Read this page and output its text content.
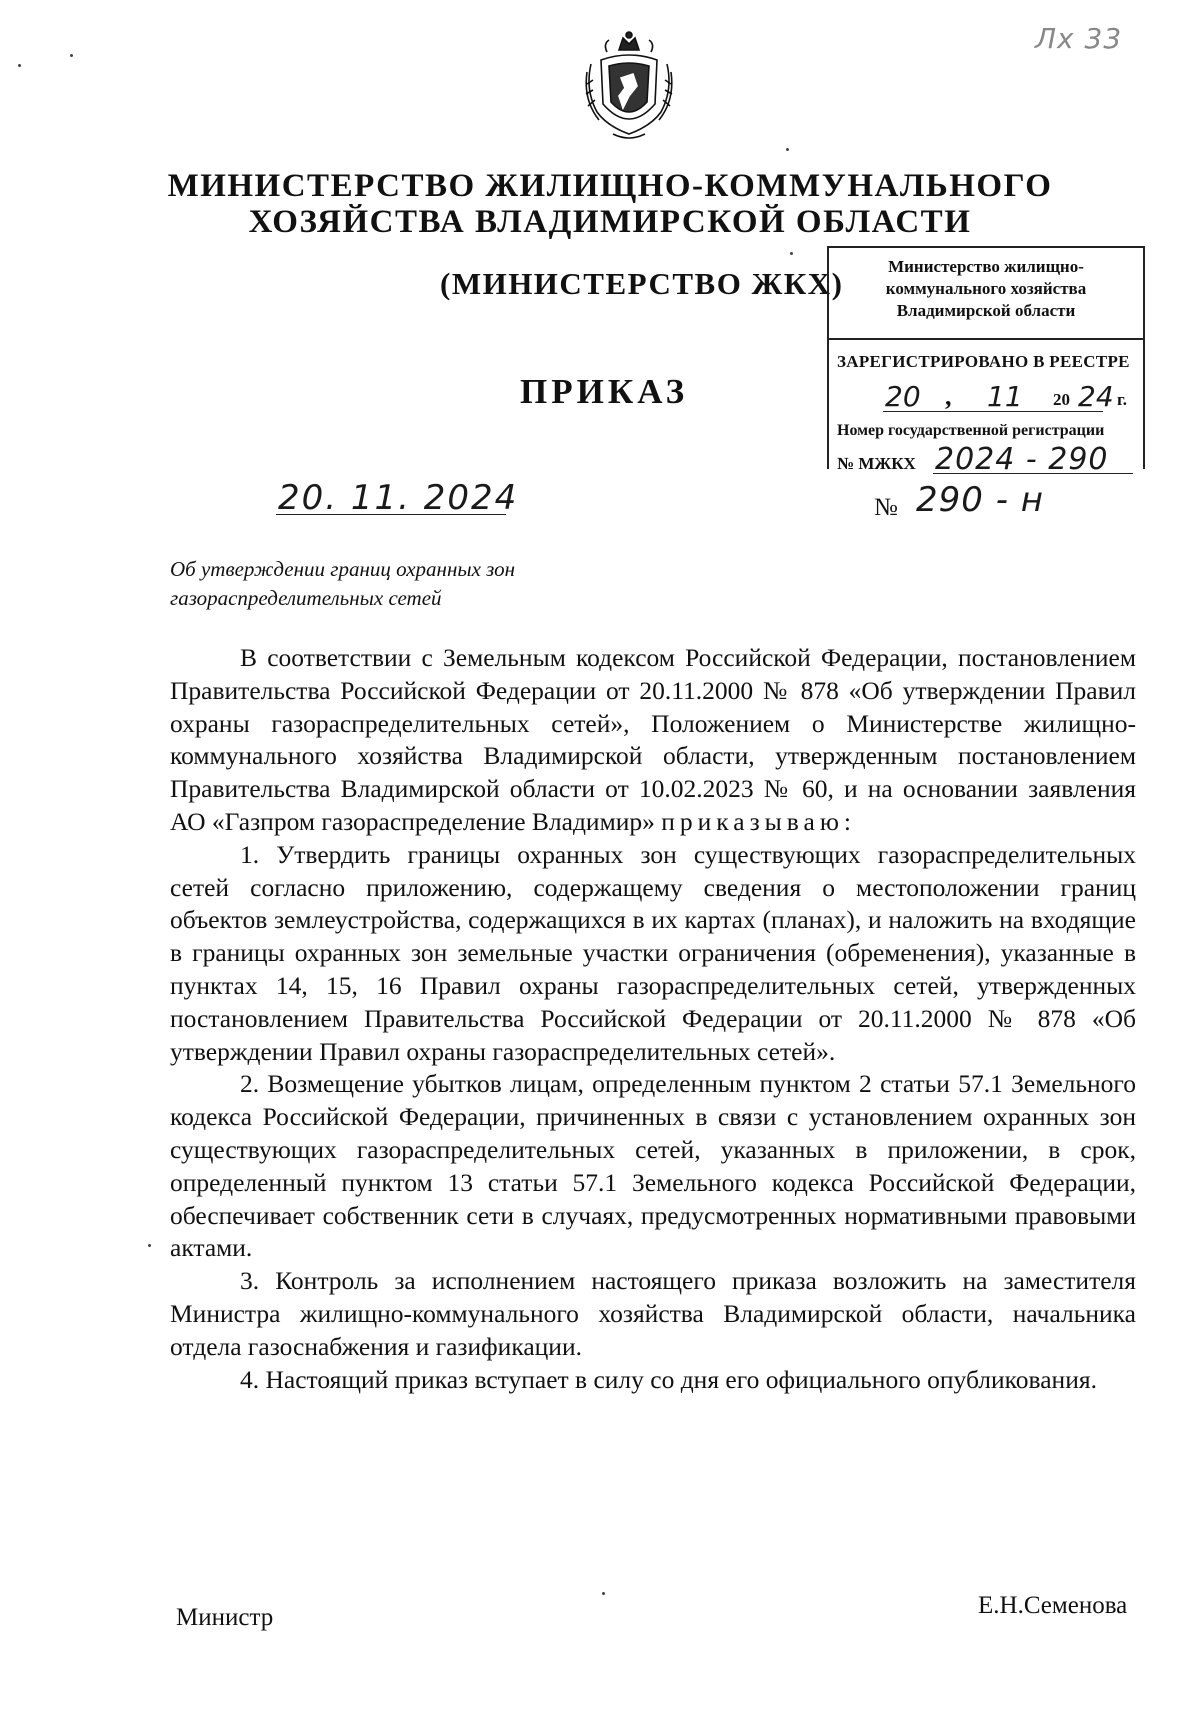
Лх 33
МИНИСТЕРСТВО ЖИЛИЩНО-КОММУНАЛЬНОГО ХОЗЯЙСТВА ВЛАДИМИРСКОЙ ОБЛАСТИ
(МИНИСТЕРСТВО ЖКХ)	Министерство жилищно-коммунального хозяйства Владимирской области
ЗАРЕГИСТРИРОВАНО В РЕЕСТРЕ
20 , 11 20 24 г.
Номер государственной регистрации
№ МЖКХ 2024 - 290
ПРИКАЗ
20. 11. 2024	№ 290 - н
Об утверждении границ охранных зон
газораспределительных сетей

В соответствии с Земельным кодексом Российской Федерации, постановлением Правительства Российской Федерации от 20.11.2000 № 878 «Об утверждении Правил охраны газораспределительных сетей», Положением о Министерстве жилищно-коммунального хозяйства Владимирской области, утвержденным постановлением Правительства Владимирской области от 10.02.2023 № 60, и на основании заявления АО «Газпром газораспределение Владимир» приказываю:

1. Утвердить границы охранных зон существующих газораспределительных сетей согласно приложению, содержащему сведения о местоположении границ объектов землеустройства, содержащихся в их картах (планах), и наложить на входящие в границы охранных зон земельные участки ограничения (обременения), указанные в пунктах 14, 15, 16 Правил охраны газораспределительных сетей, утвержденных постановлением Правительства Российской Федерации от 20.11.2000 № 878 «Об утверждении Правил охраны газораспределительных сетей».

2. Возмещение убытков лицам, определенным пунктом 2 статьи 57.1 Земельного кодекса Российской Федерации, причиненных в связи с установлением охранных зон существующих газораспределительных сетей, указанных в приложении, в срок, определенный пунктом 13 статьи 57.1 Земельного кодекса Российской Федерации, обеспечивает собственник сети в случаях, предусмотренных нормативными правовыми актами.

3. Контроль за исполнением настоящего приказа возложить на заместителя Министра жилищно-коммунального хозяйства Владимирской области, начальника отдела газоснабжения и газификации.

4. Настоящий приказ вступает в силу со дня его официального опубликования.

Министр	Е.Н.Семенова
